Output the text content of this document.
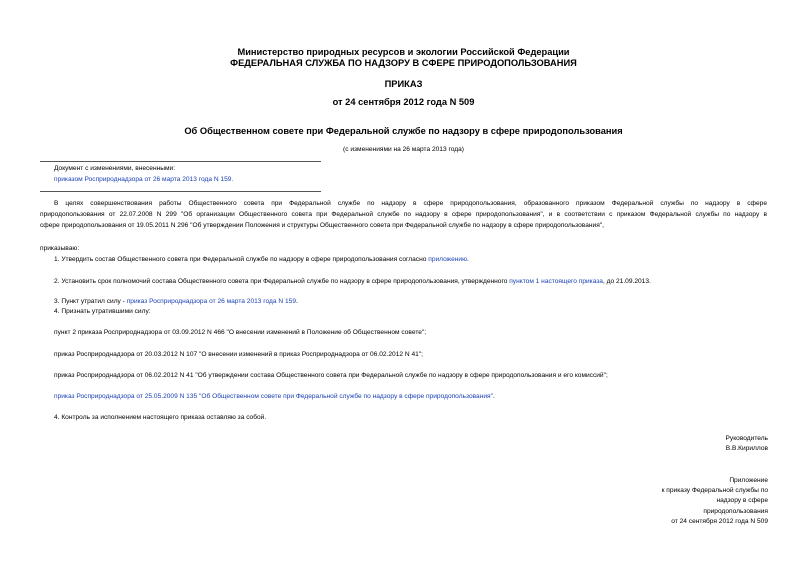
Министерство природных ресурсов и экологии Российской Федерации
ФЕДЕРАЛЬНАЯ СЛУЖБА ПО НАДЗОРУ В СФЕРЕ ПРИРОДОПОЛЬЗОВАНИЯ
ПРИКАЗ
от 24 сентября 2012 года N 509
Об Общественном совете при Федеральной службе по надзору в сфере природопользования
(с изменениями на 26 марта 2013 года)
Документ с изменениями, внесенными:
приказом Росприроднадзора от 26 марта 2013 года N 159.
В целях совершенствования работы Общественного совета при Федеральной службе по надзору в сфере природопользования, образованного приказом Федеральной службы по надзору в сфере
природопользования от 22.07.2008 N 299 "Об организации Общественного совета при Федеральной службе по надзору в сфере природопользования", и в соответствии с приказом Федеральной службы по надзору в
сфере природопользования от 19.05.2011 N 296 "Об утверждении Положения и структуры Общественного совета при Федеральной службе по надзору в сфере природопользования",
приказываю:
1. Утвердить состав Общественного совета при Федеральной службе по надзору в сфере природопользования согласно приложению.
2. Установить срок полномочий состава Общественного совета при Федеральной службе по надзору в сфере природопользования, утвержденного пунктом 1 настоящего приказа, до 21.09.2013.
3. Пункт утратил силу - приказ Росприроднадзора от 26 марта 2013 года N 159.
4. Признать утратившими силу:
пункт 2 приказа Росприроднадзора от 03.09.2012 N 466 "О внесении изменений в Положение об Общественном совете";
приказ Росприроднадзора от 20.03.2012 N 107 "О внесении изменений в приказ Росприроднадзора от 06.02.2012 N 41";
приказ Росприроднадзора от 06.02.2012 N 41 "Об утверждении состава Общественного совета при Федеральной службе по надзору в сфере природопользования и его комиссий";
приказ Росприроднадзора от 25.05.2009 N 135 "Об Общественном совете при Федеральной службе по надзору в сфере природопользования".
4. Контроль за исполнением настоящего приказа оставляю за собой.
Руководитель
В.В.Кириллов
Приложение
к приказу Федеральной службы по
надзору в сфере
природопользования
от 24 сентября 2012 года N 509
